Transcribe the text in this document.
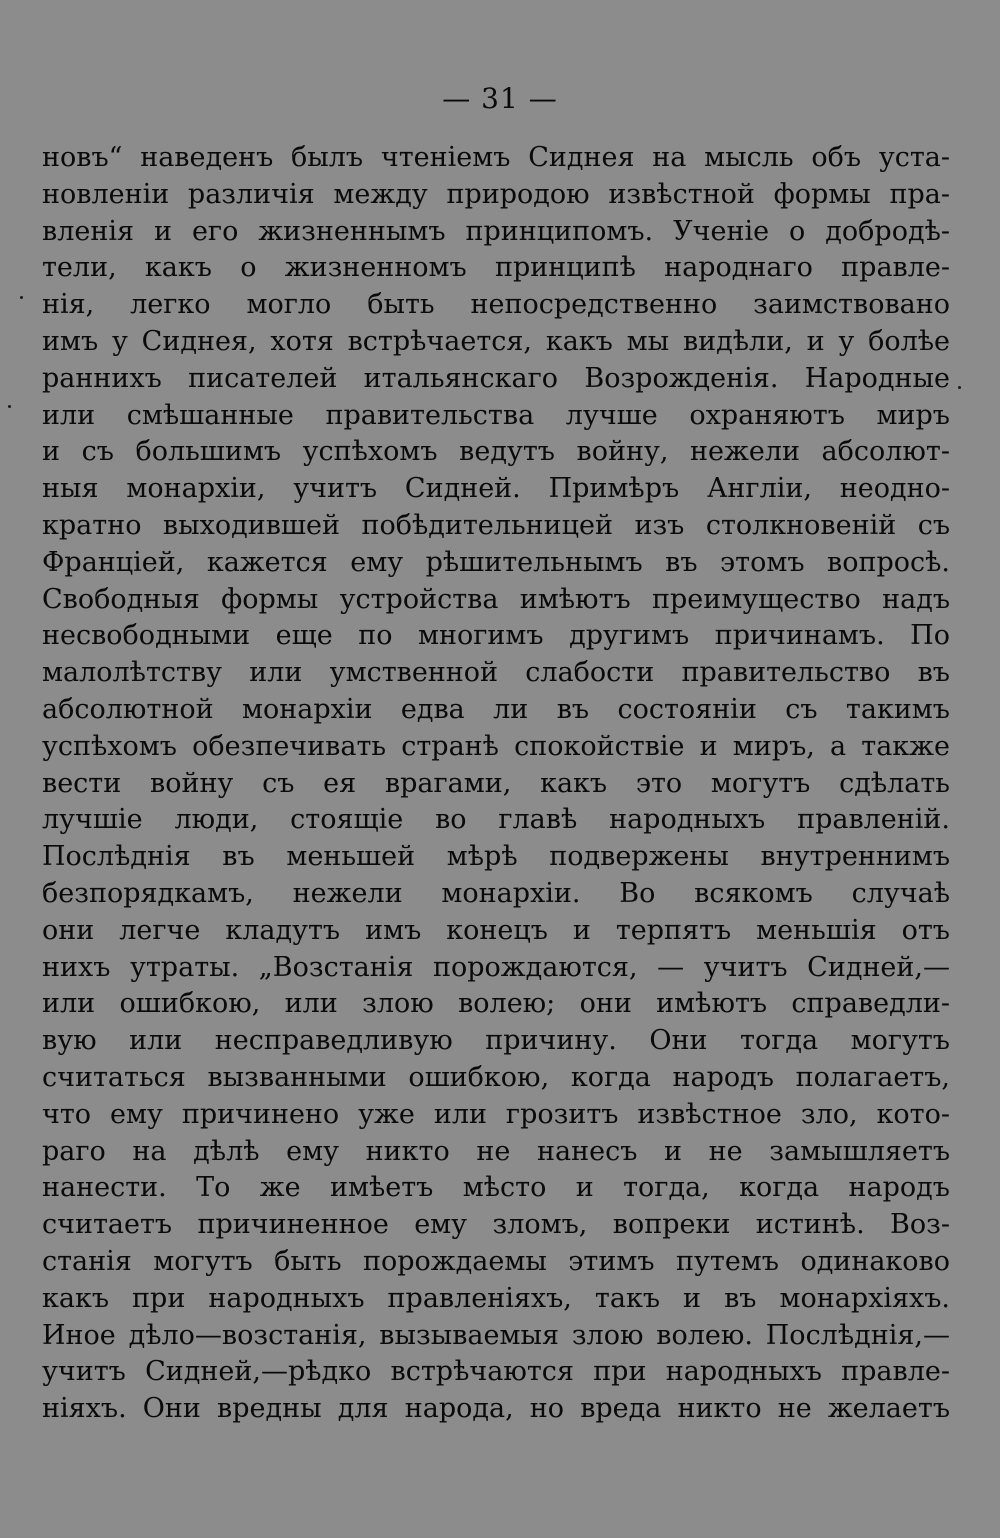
— 31 —
новъ“ наведенъ былъ чтеніемъ Сиднея на мысль объ уста-
новленіи различія между природою извѣстной формы пра-
вленія и его жизненнымъ принципомъ. Ученіе о добродѣ-
тели, какъ о жизненномъ принципѣ народнаго правле-
нія, легко могло быть непосредственно заимствовано
имъ у Сиднея, хотя встрѣчается, какъ мы видѣли, и у болѣе
раннихъ писателей итальянскаго Возрожденія. Народные
или смѣшанные правительства лучше охраняютъ миръ
и съ большимъ успѣхомъ ведутъ войну, нежели абсолют-
ныя монархіи, учитъ Сидней. Примѣръ Англіи, неодно-
кратно выходившей побѣдительницей изъ столкновеній съ
Франціей, кажется ему рѣшительнымъ въ этомъ вопросѣ.
Свободныя формы устройства имѣютъ преимущество надъ
несвободными еще по многимъ другимъ причинамъ. По
малолѣтству или умственной слабости правительство въ
абсолютной монархіи едва ли въ состояніи съ такимъ
успѣхомъ обезпечивать странѣ спокойствіе и миръ, а также
вести войну съ ея врагами, какъ это могутъ сдѣлать
лучшіе люди, стоящіе во главѣ народныхъ правленій.
Послѣднія въ меньшей мѣрѣ подвержены внутреннимъ
безпорядкамъ, нежели монархіи. Во всякомъ случаѣ
они легче кладутъ имъ конецъ и терпятъ меньшія отъ
нихъ утраты. „Возстанія порождаются, — учитъ Сидней,—
или ошибкою, или злою волею; они имѣютъ справедли-
вую или несправедливую причину. Они тогда могутъ
считаться вызванными ошибкою, когда народъ полагаетъ,
что ему причинено уже или грозитъ извѣстное зло, кото-
раго на дѣлѣ ему никто не нанесъ и не замышляетъ
нанести. То же имѣетъ мѣсто и тогда, когда народъ
считаетъ причиненное ему зломъ, вопреки истинѣ. Воз-
станія могутъ быть порождаемы этимъ путемъ одинаково
какъ при народныхъ правленіяхъ, такъ и въ монархіяхъ.
Иное дѣло—возстанія, вызываемыя злою волею. Послѣднія,—
учитъ Сидней,—рѣдко встрѣчаются при народныхъ правле-
ніяхъ. Они вредны для народа, но вреда никто не желаетъ
